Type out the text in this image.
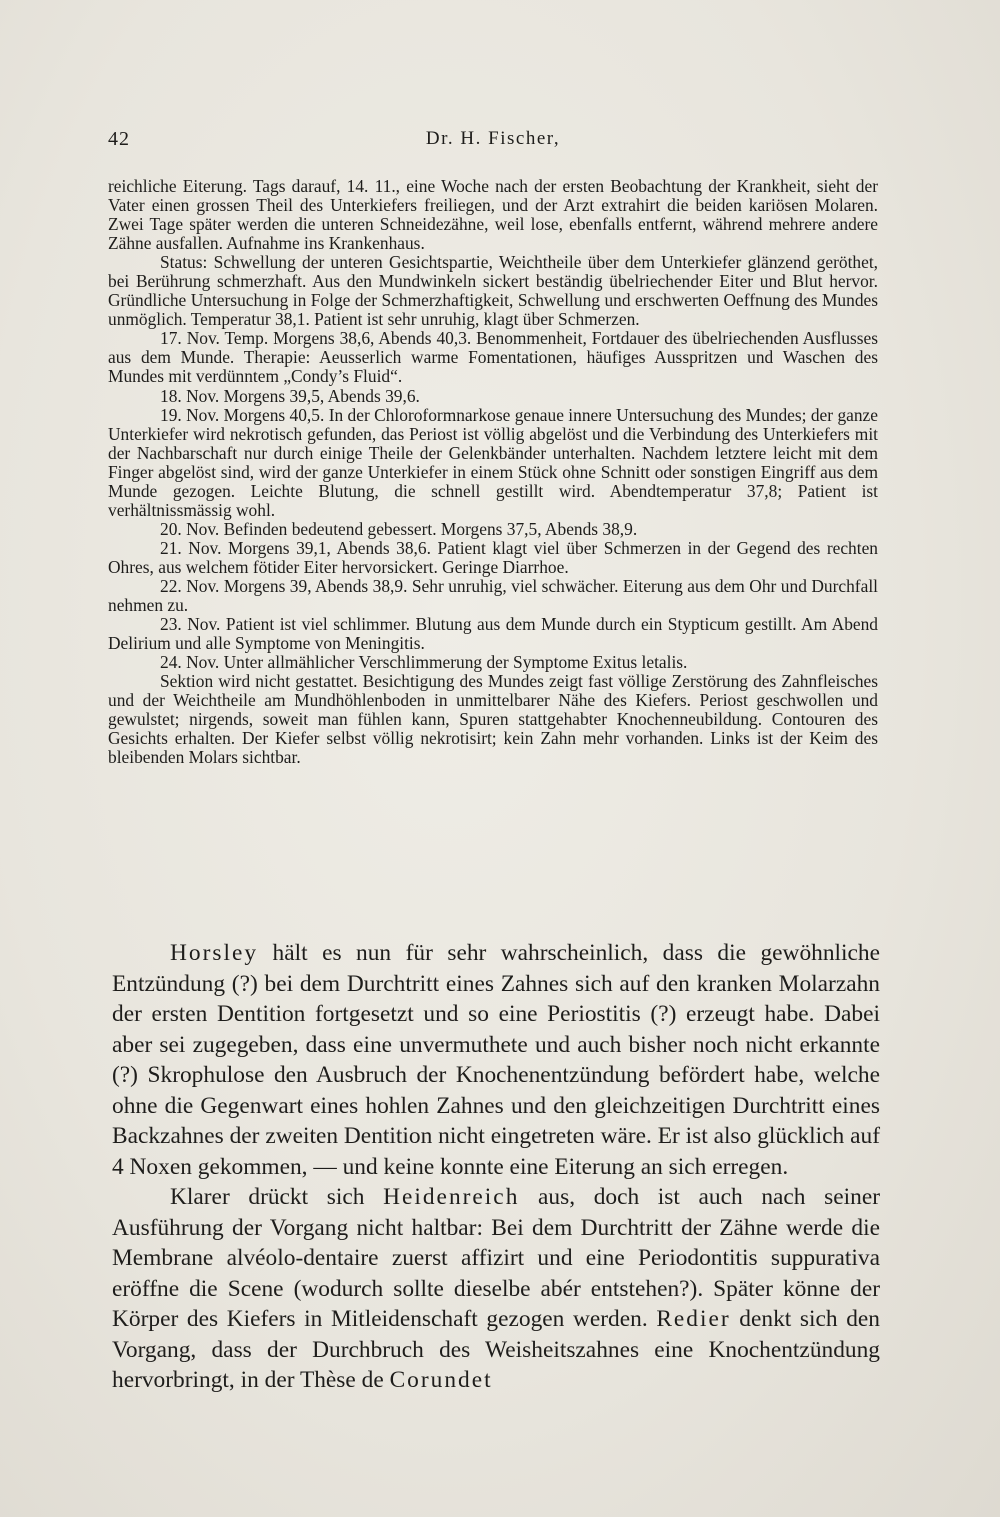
42	Dr. H. Fischer,

reichliche Eiterung. Tags darauf, 14. 11., eine Woche nach der ersten Beobachtung der Krankheit, sieht der Vater einen grossen Theil des Unterkiefers freiliegen, und der Arzt extrahirt die beiden kariösen Molaren. Zwei Tage später werden die unteren Schneidezähne, weil lose, ebenfalls entfernt, während mehrere andere Zähne ausfallen. Aufnahme ins Krankenhaus.

Status: Schwellung der unteren Gesichtspartie, Weichtheile über dem Unterkiefer glänzend geröthet, bei Berührung schmerzhaft. Aus den Mundwinkeln sickert beständig übelriechender Eiter und Blut hervor. Gründliche Untersuchung in Folge der Schmerzhaftigkeit, Schwellung und erschwerten Oeffnung des Mundes unmöglich. Temperatur 38,1. Patient ist sehr unruhig, klagt über Schmerzen.

17. Nov. Temp. Morgens 38,6, Abends 40,3. Benommenheit, Fortdauer des übelriechenden Ausflusses aus dem Munde. Therapie: Aeusserlich warme Fomentationen, häufiges Ausspritzen und Waschen des Mundes mit verdünntem „Condy’s Fluid“.

18. Nov. Morgens 39,5, Abends 39,6.

19. Nov. Morgens 40,5. In der Chloroformnarkose genaue innere Untersuchung des Mundes; der ganze Unterkiefer wird nekrotisch gefunden, das Periost ist völlig abgelöst und die Verbindung des Unterkiefers mit der Nachbarschaft nur durch einige Theile der Gelenkbänder unterhalten. Nachdem letztere leicht mit dem Finger abgelöst sind, wird der ganze Unterkiefer in einem Stück ohne Schnitt oder sonstigen Eingriff aus dem Munde gezogen. Leichte Blutung, die schnell gestillt wird. Abendtemperatur 37,8; Patient ist verhältnissmässig wohl.

20. Nov. Befinden bedeutend gebessert. Morgens 37,5, Abends 38,9.

21. Nov. Morgens 39,1, Abends 38,6. Patient klagt viel über Schmerzen in der Gegend des rechten Ohres, aus welchem fötider Eiter hervorsickert. Geringe Diarrhoe.

22. Nov. Morgens 39, Abends 38,9. Sehr unruhig, viel schwächer. Eiterung aus dem Ohr und Durchfall nehmen zu.

23. Nov. Patient ist viel schlimmer. Blutung aus dem Munde durch ein Stypticum gestillt. Am Abend Delirium und alle Symptome von Meningitis.

24. Nov. Unter allmählicher Verschlimmerung der Symptome Exitus letalis.

Sektion wird nicht gestattet. Besichtigung des Mundes zeigt fast völlige Zerstörung des Zahnfleisches und der Weichtheile am Mundhöhlenboden in unmittelbarer Nähe des Kiefers. Periost geschwollen und gewulstet; nirgends, soweit man fühlen kann, Spuren stattgehabter Knochenneubildung. Contouren des Gesichts erhalten. Der Kiefer selbst völlig nekrotisirt; kein Zahn mehr vorhanden. Links ist der Keim des bleibenden Molars sichtbar.

Horsley hält es nun für sehr wahrscheinlich, dass die gewöhnliche Entzündung (?) bei dem Durchtritt eines Zahnes sich auf den kranken Molarzahn der ersten Dentition fortgesetzt und so eine Periostitis (?) erzeugt habe. Dabei aber sei zugegeben, dass eine unvermuthete und auch bisher noch nicht erkannte (?) Skrophulose den Ausbruch der Knochenentzündung befördert habe, welche ohne die Gegenwart eines hohlen Zahnes und den gleichzeitigen Durchtritt eines Backzahnes der zweiten Dentition nicht eingetreten wäre. Er ist also glücklich auf 4 Noxen gekommen, — und keine konnte eine Eiterung an sich erregen.

Klarer drückt sich Heidenreich aus, doch ist auch nach seiner Ausführung der Vorgang nicht haltbar: Bei dem Durchtritt der Zähne werde die Membrane alvéolo-dentaire zuerst affizirt und eine Periodontitis suppurativa eröffne die Scene (wodurch sollte dieselbe abér entstehen?). Später könne der Körper des Kiefers in Mitleidenschaft gezogen werden. Redier denkt sich den Vorgang, dass der Durchbruch des Weisheitszahnes eine Knochentzündung hervorbringt, in der Thèse de Corundet
